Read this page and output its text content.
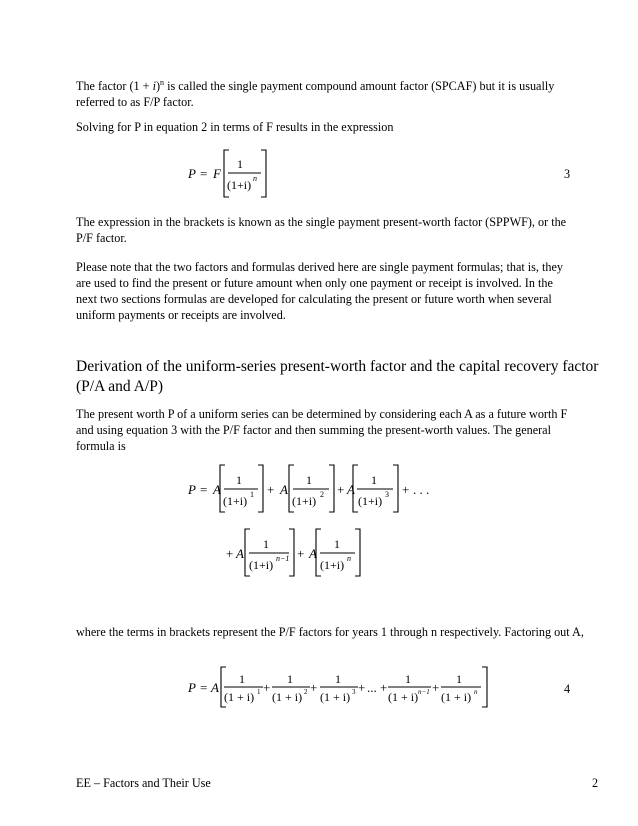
The factor $(1 + i)^n$ is called the single payment compound amount factor (SPCAF) but it is usually referred to as F/P factor.

Solving for P in equation 2 in terms of F results in the expression

P = F
1
(1+i) n	3

The expression in the brackets is known as the single payment present-worth factor (SPPWF), or the P/F factor.

Please note that the two factors and formulas derived here are single payment formulas; that is, they are used to find the present or future amount when only one payment or receipt is involved. In the next two sections formulas are developed for calculating the present or future worth when several uniform payments or receipts are involved.

Derivation of the uniform-series present-worth factor and the capital recovery factor (P/A and A/P)

The present worth P of a uniform series can be determined by considering each A as a future worth F and using equation 3 with the P/F factor and then summing the present-worth values. The general formula is

P = A
1
(1+i) 1 + A
1
(1+i) 2 + A
1
(1+i) 3 + . . .
+ A
1
(1+i) n−1 + A
1
(1+i) n

where the terms in brackets represent the P/F factors for years 1 through n respectively. Factoring out A,

P = A
1
(1 + i) 1 +
1
(1 + i) 2 +
1
(1 + i) 3 + ... +
1
(1 + i) n−1 +
1
(1 + i) n	4
EE – Factors and Their Use	2
